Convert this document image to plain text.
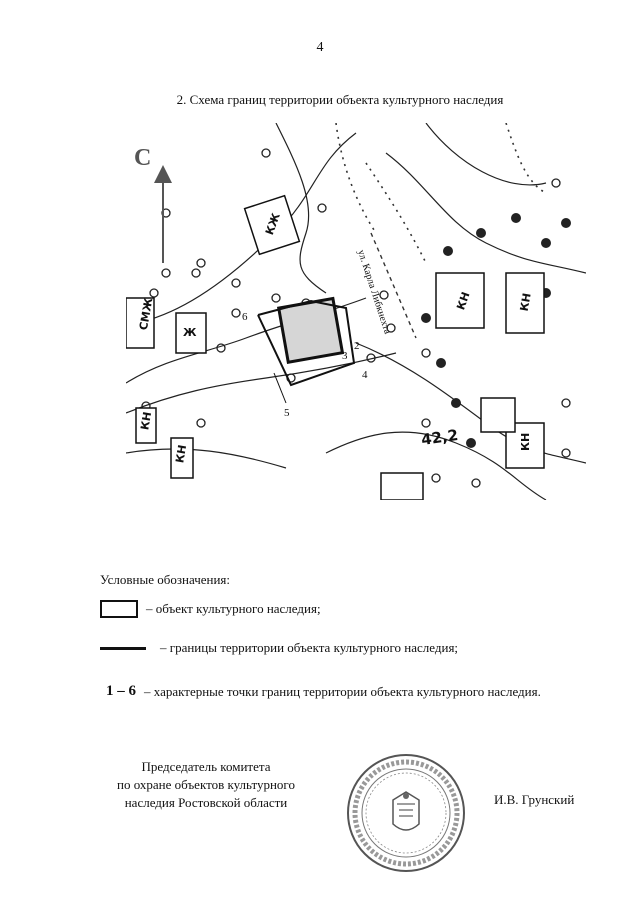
4
2. Схема границ территории объекта культурного наследия
КЖ
КН
СМЖ
Ж
КН
КН
КН
КН
С
6
2
3
4
5
ул. Карла Либкнехта
42,2
Условные обозначения:
– объект культурного наследия;
– границы территории объекта культурного наследия;
1 – 6 – характерные точки границ территории объекта культурного наследия.
Председатель комитета
по охране объектов культурного
наследия Ростовской области	И.В. Грунский
